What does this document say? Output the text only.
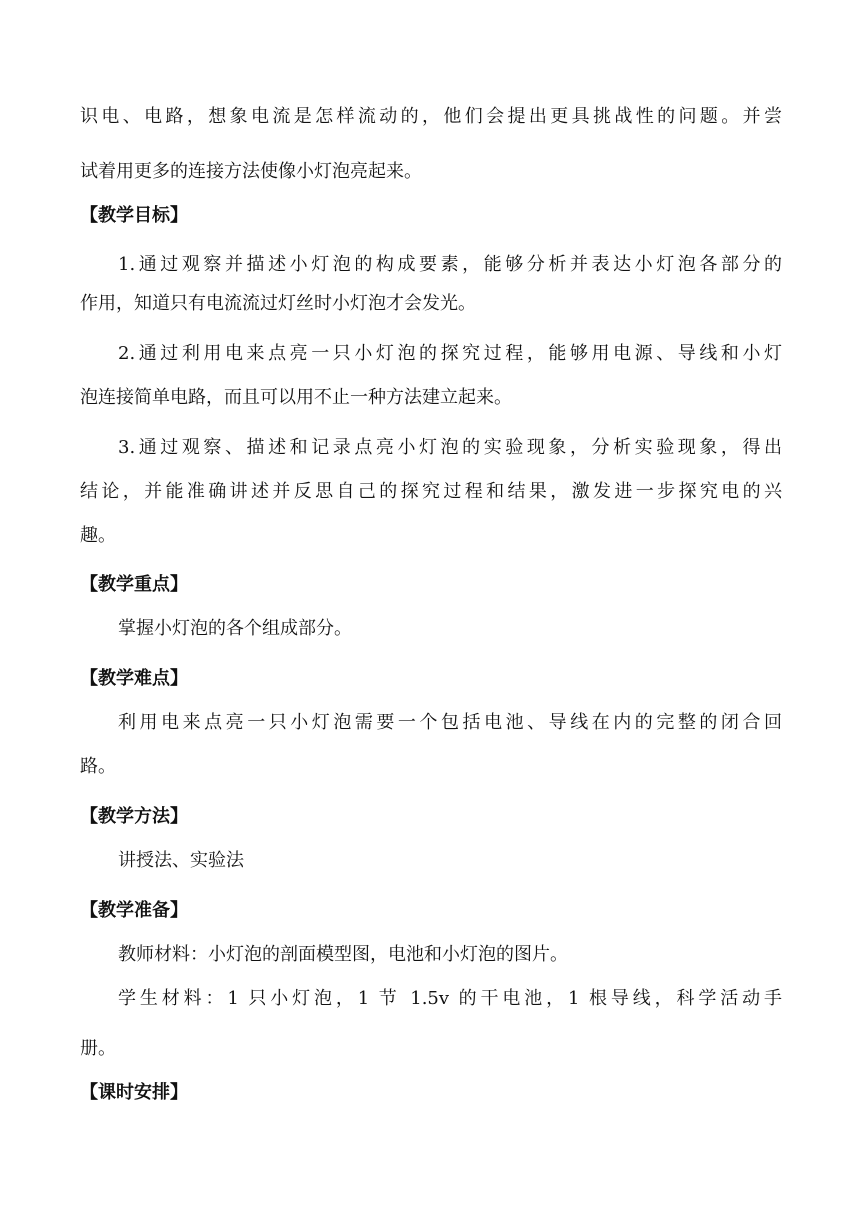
识电、电路，想象电流是怎样流动的，他们会提出更具挑战性的问题。并尝

试着用更多的连接方法使像小灯泡亮起来。

【教学目标】

1.通过观察并描述小灯泡的构成要素，能够分析并表达小灯泡各部分的

作用，知道只有电流流过灯丝时小灯泡才会发光。

2.通过利用电来点亮一只小灯泡的探究过程，能够用电源、导线和小灯

泡连接简单电路，而且可以用不止一种方法建立起来。

3.通过观察、描述和记录点亮小灯泡的实验现象，分析实验现象，得出

结论，并能准确讲述并反思自己的探究过程和结果，激发进一步探究电的兴

趣。

【教学重点】

掌握小灯泡的各个组成部分。

【教学难点】

利用电来点亮一只小灯泡需要一个包括电池、导线在内的完整的闭合回

路。

【教学方法】

讲授法、实验法

【教学准备】

教师材料：小灯泡的剖面模型图，电池和小灯泡的图片。

学生材料：1 只小灯泡，1 节 1.5v 的干电池，1 根导线，科学活动手

册。

【课时安排】
